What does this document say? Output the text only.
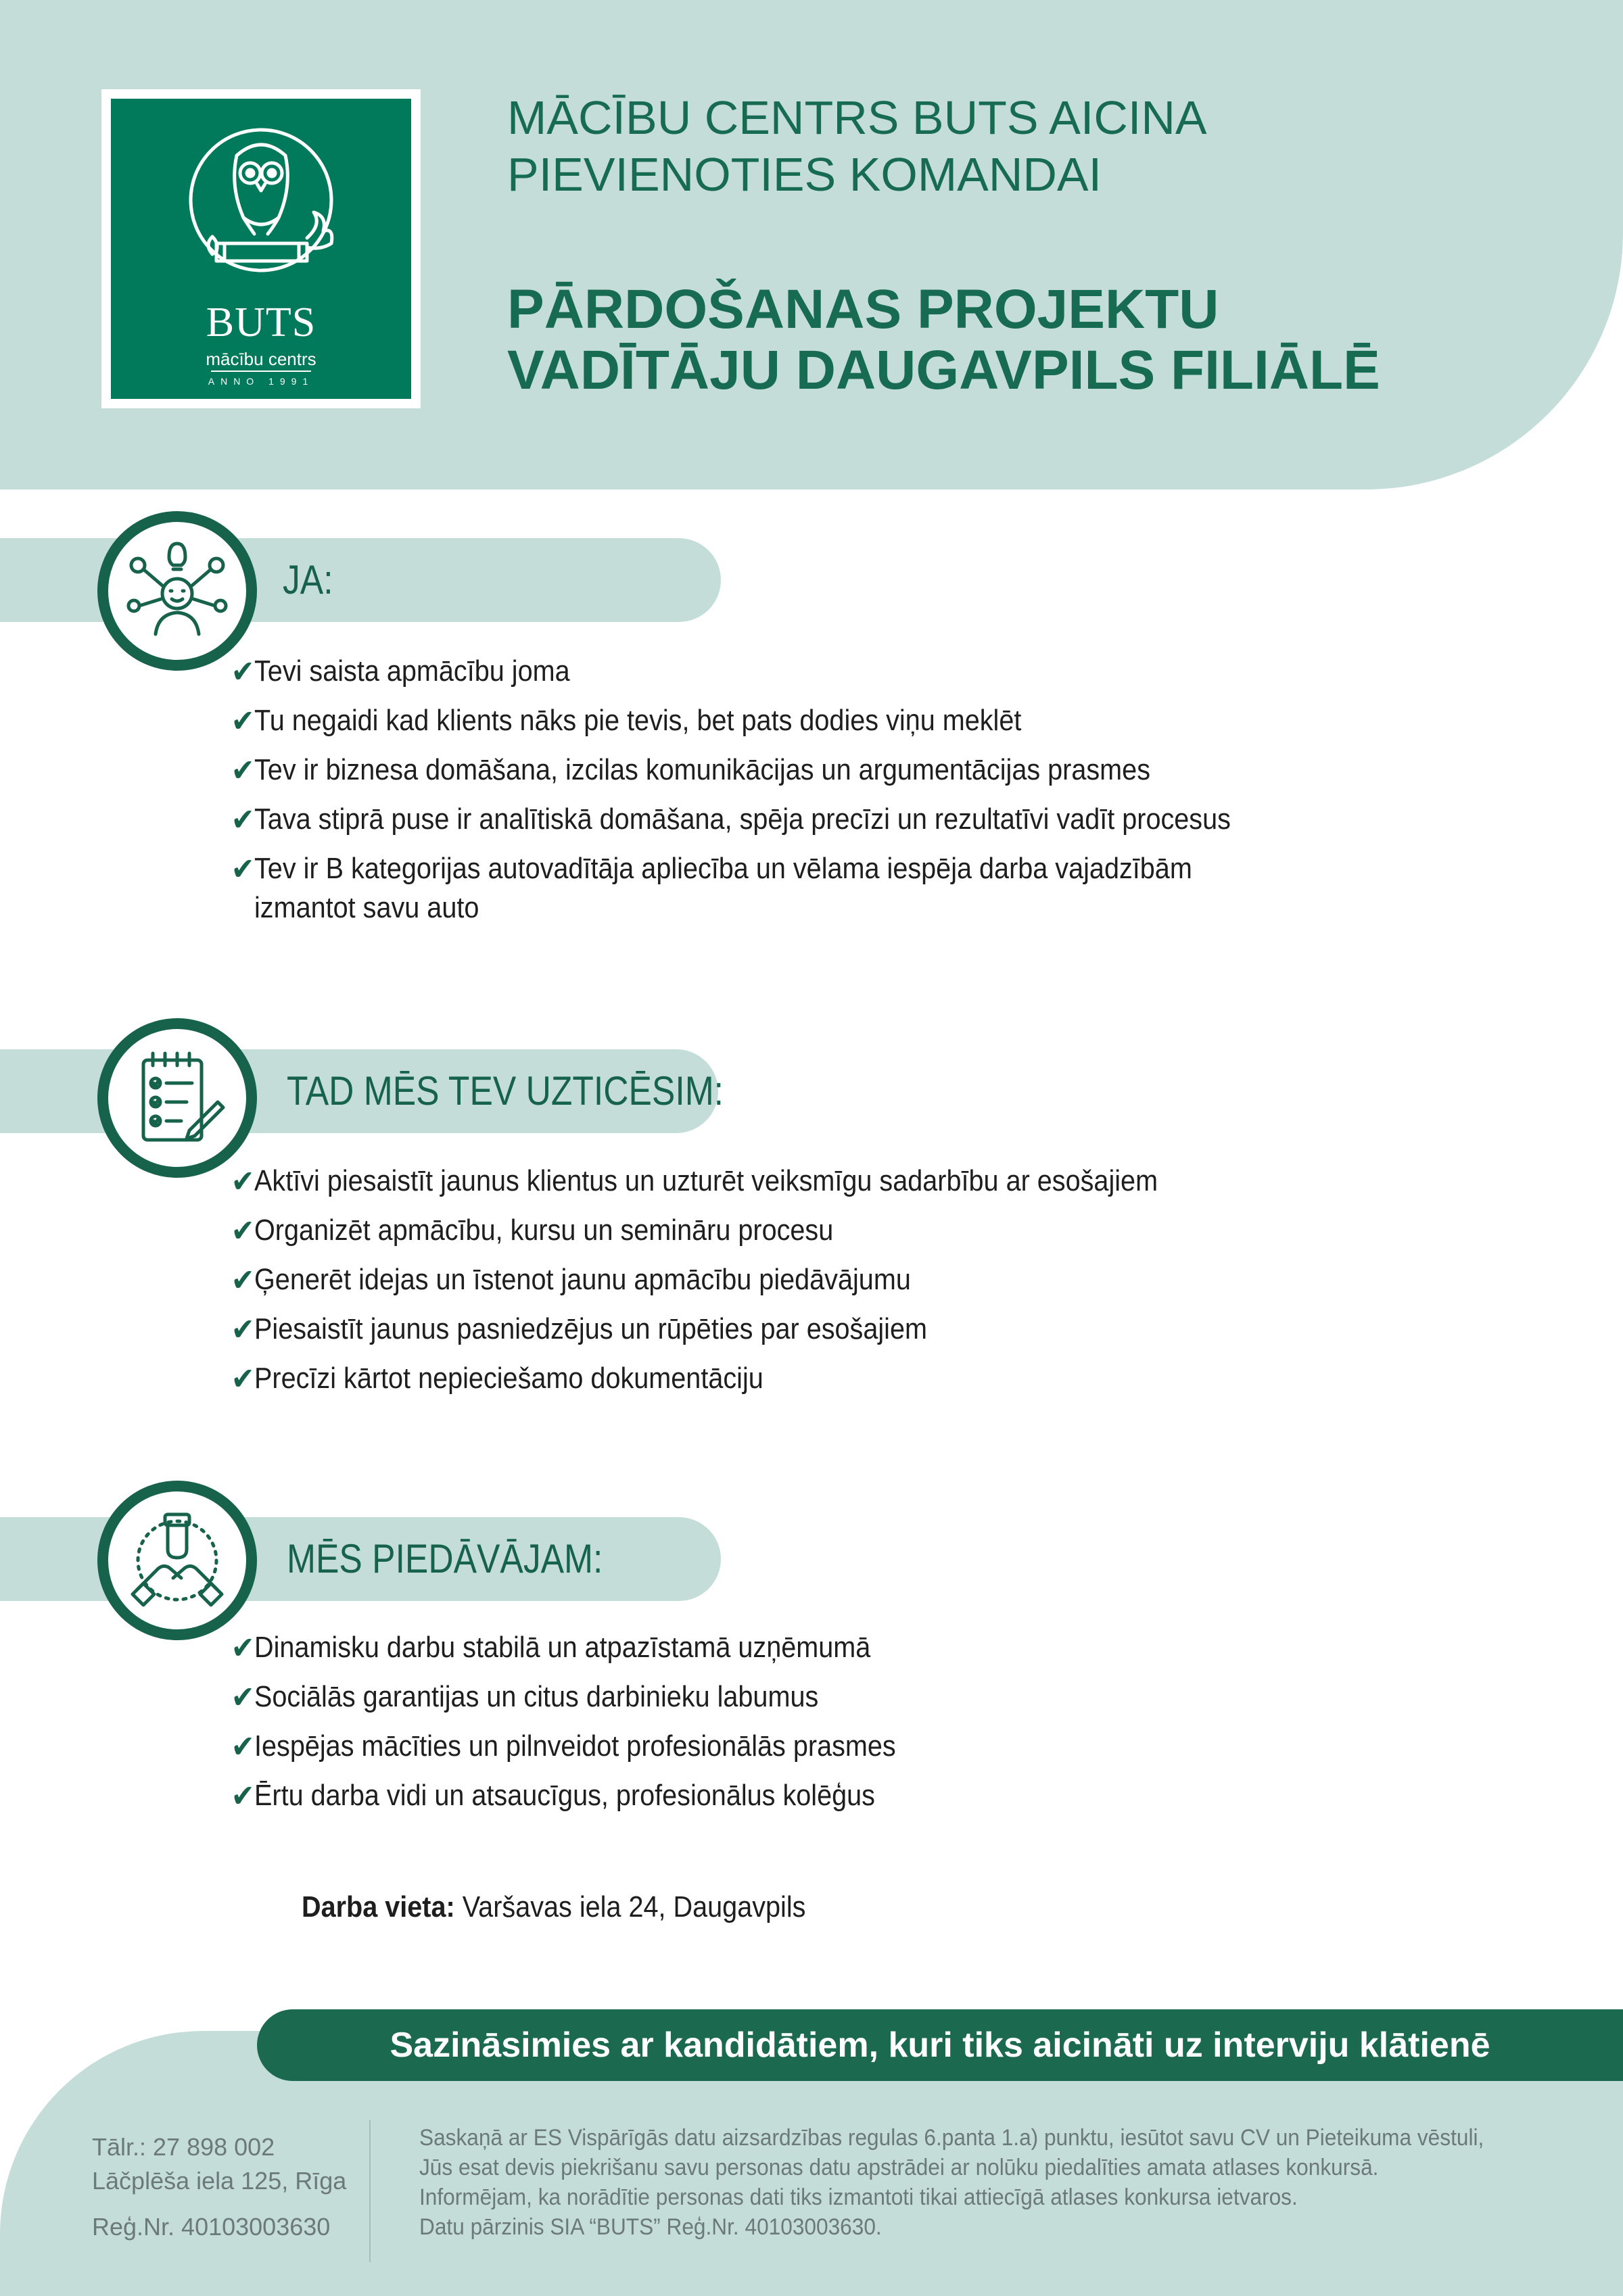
BUTS
mācību centrs
ANNO 1991
MĀCĪBU CENTRS BUTS AICINA
PIEVIENOTIES KOMANDAI
PĀRDOŠANAS PROJEKTU
VADĪTĀJU DAUGAVPILS FILIĀLĒ
JA:
✔ Tevi saista apmācību joma
✔ Tu negaidi kad klients nāks pie tevis, bet pats dodies viņu meklēt
✔ Tev ir biznesa domāšana, izcilas komunikācijas un argumentācijas prasmes
✔ Tava stiprā puse ir analītiskā domāšana, spēja precīzi un rezultatīvi vadīt procesus
✔ Tev ir B kategorijas autovadītāja apliecība un vēlama iespēja darba vajadzībām
izmantot savu auto
TAD MĒS TEV UZTICĒSIM:
✔ Aktīvi piesaistīt jaunus klientus un uzturēt veiksmīgu sadarbību ar esošajiem
✔ Organizēt apmācību, kursu un semināru procesu
✔ Ģenerēt idejas un īstenot jaunu apmācību piedāvājumu
✔ Piesaistīt jaunus pasniedzējus un rūpēties par esošajiem
✔ Precīzi kārtot nepieciešamo dokumentāciju
MĒS PIEDĀVĀJAM:
✔ Dinamisku darbu stabilā un atpazīstamā uzņēmumā
✔ Sociālās garantijas un citus darbinieku labumus
✔ Iespējas mācīties un pilnveidot profesionālās prasmes
✔ Ērtu darba vidi un atsaucīgus, profesionālus kolēģus
Darba vieta: Varšavas iela 24, Daugavpils
Sazināsimies ar kandidātiem, kuri tiks aicināti uz interviju klātienē
Tālr.: 27 898 002
Lāčplēša iela 125, Rīga
Reģ.Nr. 40103003630
Saskaņā ar ES Vispārīgās datu aizsardzības regulas 6.panta 1.a) punktu, iesūtot savu CV un Pieteikuma vēstuli,
Jūs esat devis piekrišanu savu personas datu apstrādei ar nolūku piedalīties amata atlases konkursā.
Informējam, ka norādītie personas dati tiks izmantoti tikai attiecīgā atlases konkursa ietvaros.
Datu pārzinis SIA “BUTS” Reģ.Nr. 40103003630.
